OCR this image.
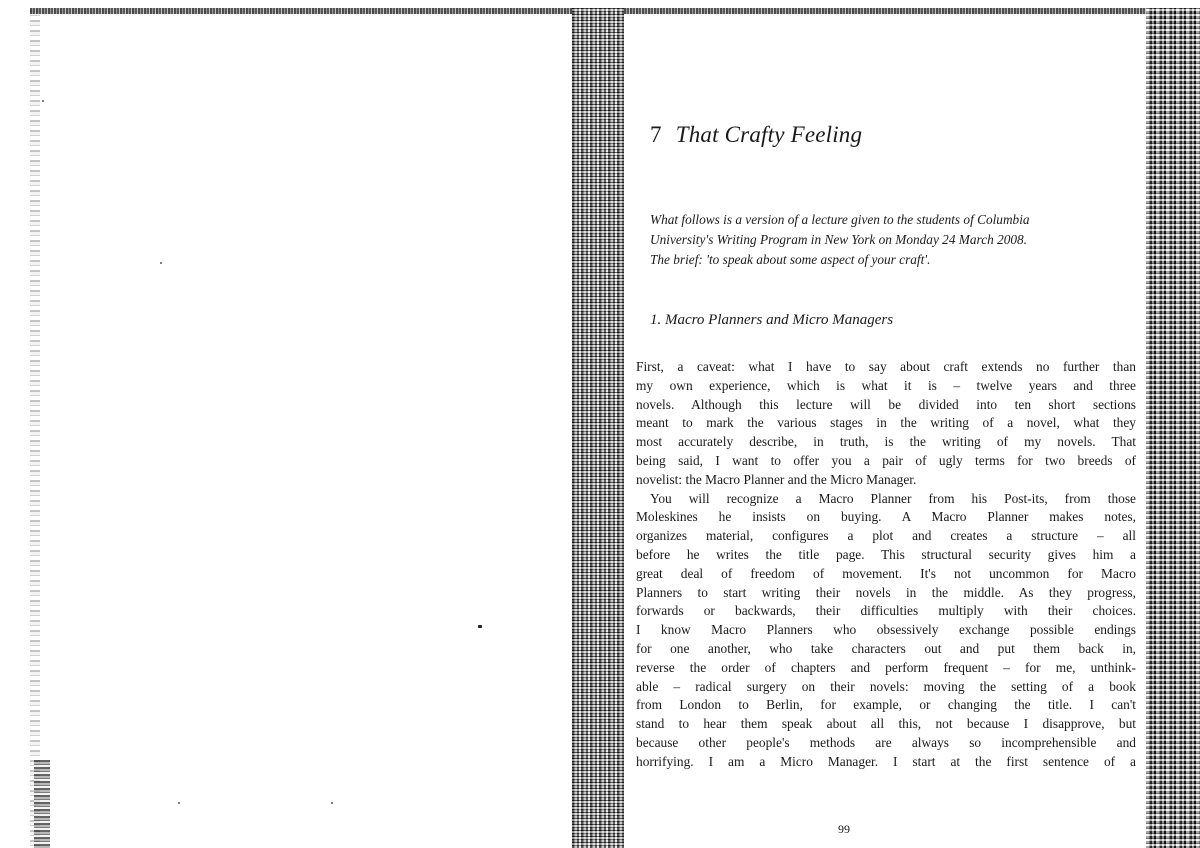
7 That Crafty Feeling
What follows is a version of a lecture given to the students of Columbia
University's Writing Program in New York on Monday 24 March 2008.
The brief: 'to speak about some aspect of your craft'.
1. Macro Planners and Micro Managers
First, a caveat: what I have to say about craft extends no further than
my own experience, which is what it is – twelve years and three
novels. Although this lecture will be divided into ten short sections
meant to mark the various stages in the writing of a novel, what they
most accurately describe, in truth, is the writing of my novels. That
being said, I want to offer you a pair of ugly terms for two breeds of
novelist: the Macro Planner and the Micro Manager.
You will recognize a Macro Planner from his Post-its, from those
Moleskines he insists on buying. A Macro Planner makes notes,
organizes material, configures a plot and creates a structure – all
before he writes the title page. This structural security gives him a
great deal of freedom of movement. It's not uncommon for Macro
Planners to start writing their novels in the middle. As they progress,
forwards or backwards, their difficulties multiply with their choices.
I know Macro Planners who obsessively exchange possible endings
for one another, who take characters out and put them back in,
reverse the order of chapters and perform frequent – for me, unthink-
able – radical surgery on their novels: moving the setting of a book
from London to Berlin, for example, or changing the title. I can't
stand to hear them speak about all this, not because I disapprove, but
because other people's methods are always so incomprehensible and
horrifying. I am a Micro Manager. I start at the first sentence of a
99
